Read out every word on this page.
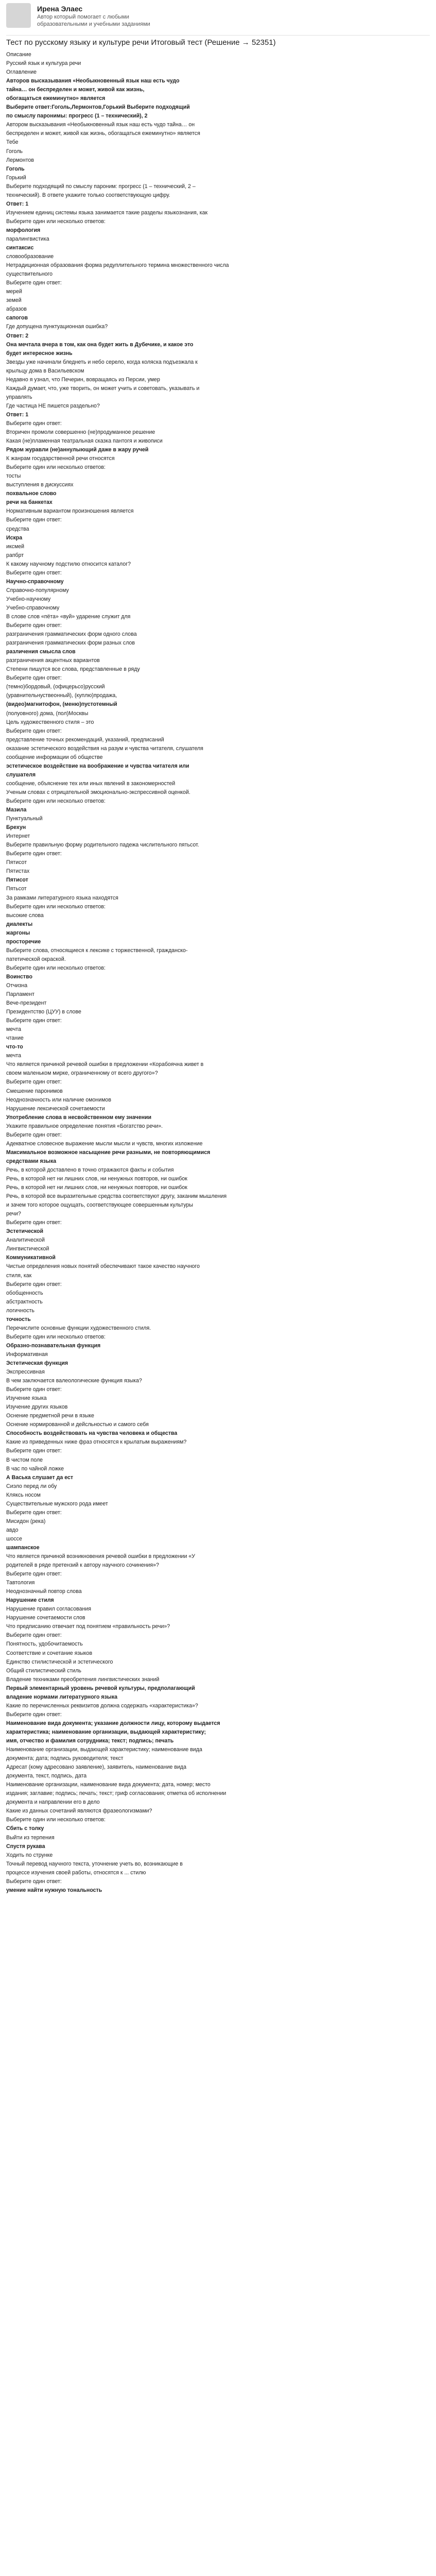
Ирена Элаес
Автор который помогает с любыми образовательными и учебными заданиями
Тест по русскому языку и культуре речи Итоговый тест (Решение → 52351)
Описание
Русский язык и культура речи
Оглавление
Авторов высказывания «Необыкновенный язык наш есть чудо
тайна… он беспределен и может, живой как жизнь,
обогащаться ежеминутно» является
Выберите ответ:Гоголь,Лермонтов,Горький Выберите подходящий
по смыслу паронимы: прогресс (1 – технический), 2
Автором высказывания «Необыкновенный язык наш есть чудо тайна… он
беспределен и может, живой как жизнь, обогащаться ежеминутно» является
Тебе
Гоголь
Лермонтов
Гоголь
Горький
Выберите подходящий по смыслу пароним: прогресс (1 – технический, 2 –
технический). В ответе укажите только соответствующую цифру.
Ответ: 1
Изучением единиц системы языка занимается такие разделы языкознания, как
Выберите один или несколько ответов:
морфология
паралингвистика
синтаксис
словообразование
Нетрадиционная образования форма редуплительного термина множественного числа
существительного
Выберите один ответ:
мерей
земей
абразов
сапогов
Где допущена пунктуационная ошибка?
Ответ: 2
Она мечтала вчера в том, как она будет жить в Дубечике, и какое это
будет интересное жизнь
Звезды уже начинали бледнеть и небо серело, когда коляска подъезжала к
крыльцу дома в Васильевском
Недавно я узнал, что Печерин, вовращаясь из Персии, умер
Каждый думает, что, уже творить, он может учить и советовать, указывать и
управлять
Где частица НЕ пишется раздельно?
Ответ: 1
Выберите один ответ:
Вторичен промоли совершенно (не)продуманное решение
Какая (не)пламенная театральная сказка пантогя и живописи
Рядом журавли (не)аннулыющий даже в жару ручей
К жанрам государственной речи относятся
Выберите один или несколько ответов:
тосты
выступления в дискуссиях
похвальное слово
речи на банкетах
Нормативным вариантом произношения является
Выберите один ответ:
средства
Искра
иксмей
рапбрт
К какому научному подстилю относится каталог?
Выберите один ответ:
Научно-справочному
Справочно-популярному
Учебно-научному
Учебно-справочному
В слове слов «пёта» «вуй» ударение служит для
Выберите один ответ:
разграничения грамматических форм одного слова
разграничения грамматических форм разных слов
различения смысла слов
разграничения акцентных вариантов
Степени пишутся все слова, представленные в ряду
Выберите один ответ:
(темно)бордовый, (офицерьсо)русский
(уравнительнуствеонный), (куплю)продажа,
(видео)магнитофон, (меню)пустотемный
(полуовного) дома, (пол)Москвы
Цель художественного стиля – это
Выберите один ответ:
представление точных рекомендаций, указаний, предписаний
оказание эстетического воздействия на разум и чувства читателя, слушателя
сообщение информации об обществе
эстетическое воздействие на воображение и чувства читателя или
слушателя
сообщение, объяснение тех или иных явлений в закономерностей
Ученым словах с отрицательной эмоционально-экспрессивной оценкой.
Выберите один или несколько ответов:
Мазила
Пунктуальный
Брехун
Интернет
Выберите правильную форму родительного падежа числительного пятьсот.
Выберите один ответ:
Пятисот
Пятистах
Пятисот
Пятьсот
За рамками литературного языка находятся
Выберите один или несколько ответов:
высокие слова
диалекты
жаргоны
просторечие
Выберите слова, относящиеся к лексике с торжественной, гражданско-
патетической окраской.
Выберите один или несколько ответов:
Воинство
Отчизна
Парламент
Вече-президент
Президентство (ЦУУ) в слове
Выберите один ответ:
мечта
чтание
что-то
мечта
Что является причиной речевой ошибки в предложении «Корабоячна живет в
своем маленьком мирке, ограниченному от всего другого»?
Выберите один ответ:
Смешение паронимов
Неоднозначность или наличие омонимов
Нарушение лексической сочетаемости
Употребление слова в несвойственном ему значении
Укажите правильное определение понятия «Богатство речи».
Выберите один ответ:
Адекватное словесное выражение мысли мысли и чувств, многих изложение
Максимальное возможное насыщение речи разными, не повторяющимися
средствами языка
Речь, в которой доставлено в точно отражаются факты и события
Речь, в которой нет ни лишних слов, ни ненужных повторов, ни ошибок
Речь, в которой нет ни лишних слов, ни ненужных повторов, ни ошибок
Речь, в которой все выразительные средства соответствуют другу, заканим мышления
и зачем того которое ощущать, соответствующее совершенным культуры
речи?
Выберите один ответ:
Эстетической
Аналитической
Лингвистической
Коммуникативной
Чистые определения новых понятий обеспечивают такое качество научного
стиля, как
Выберите один ответ:
обобщенность
абстрактность
логичность
точность
Перечислите основные функции художественного стиля.
Выберите один или несколько ответов:
Образно-познавательная функция
Информативная
Эстетическая функция
Экспрессивная
В чем заключается валеологические функция языка?
Выберите один ответ:
Изучение языка
Изучение других языков
Оснение предметной речи в языке
Оснение нормированной и дейсльностью и самого себя
Способность воздействовать на чувства человека и общества
Какие из приведенных ниже фраз относятся к крылатым выражениям?
Выберите один ответ:
В чистом поле
В час по чайной ложке
А Васька слушает да ест
Сиэло перед ли обу
Кляксь носом
Существительные мужского рода имеет
Выберите один ответ:
Мисидон (река)
авдо
шоссе
шампанское
Что является причиной возникновения речевой ошибки в предложении «У
родителей в ряде претензий к автору научного сочинения»?
Выберите один ответ:
Тавтология
Неоднозначный повтор слова
Нарушение стиля
Нарушение правил согласования
Нарушение сочетаемости слов
Что предписанию отвечает под понятием «правильность речи»?
Выберите один ответ:
Понятность, удобочитаемость
Соответствие и сочетание языков
Единство стилистической и эстетического
Общий стилистический стиль
Владение техниками преобретения лингвистических знаний
Первый элементарный уровень речевой культуры, предполагающий
владение нормами литературного языка
Какие по перечисленных реквизитов должна содержать «характеристика»?
Выберите один ответ:
Наименование вида документа; указание должности лицу, которому выдается
характеристика; наименование организации, выдающей характеристику;
имя, отчество и фамилия сотрудника; текст; подпись; печать
Наименование организации, выдающей характеристику; наименование вида
документа; дата; подпись руководителя; текст
Адресат (кому адресовано заявление), заявитель, наименование вида
документа, текст, подпись, дата
Наименование организации, наименование вида документа; дата, номер; место
издания; заглавие; подпись; печать; текст; гриф согласования; отметка об исполнении
документа и направлении его в дело
Какие из данных сочетаний являются фразеологизмами?
Выберите один или несколько ответов:
Сбить с толку
Выйти из терпения
Спустя рукава
Ходить по струнке
Точный перевод научного текста, уточнение учеть во, возникающие в
процессе изучения своей работы, относятся к ... стилю
Выберите один ответ:
умение найти нужную тональность
